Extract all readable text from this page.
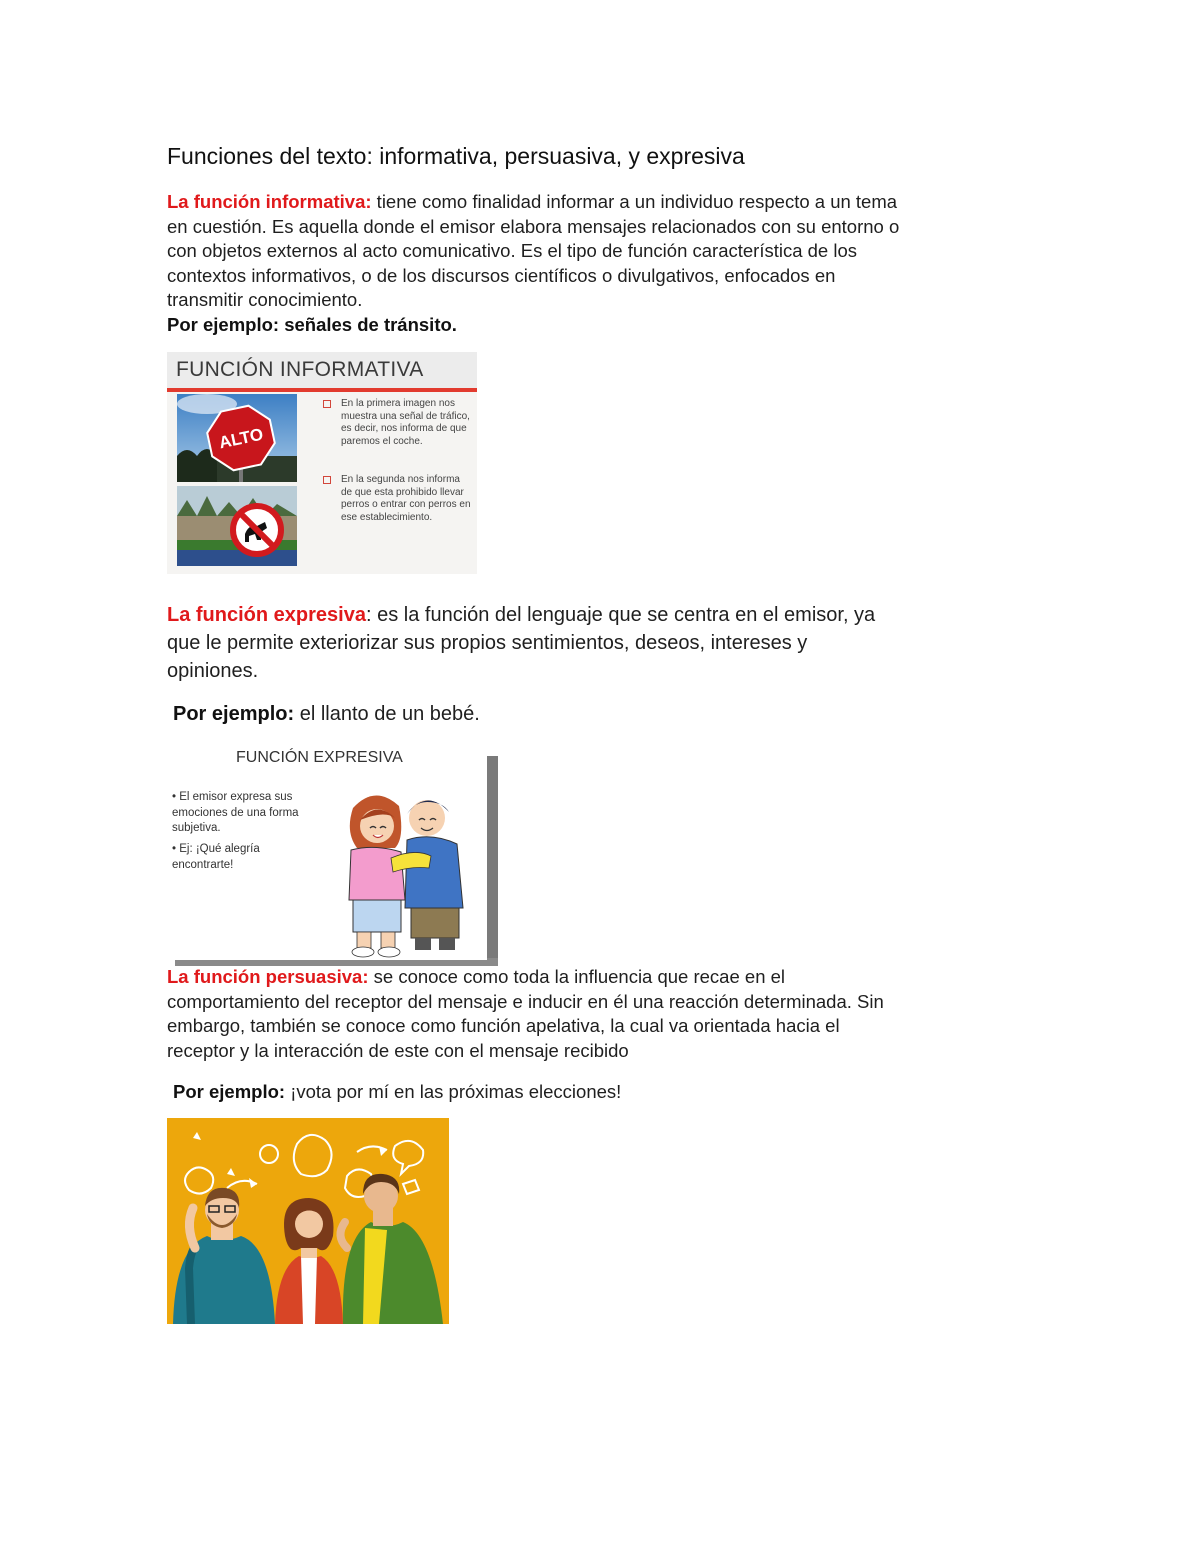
Funciones del texto: informativa, persuasiva, y expresiva
La función informativa: tiene como finalidad informar a un individuo respecto a un tema
en cuestión. Es aquella donde el emisor elabora mensajes relacionados con su entorno o
con objetos externos al acto comunicativo. Es el tipo de función característica de los
contextos informativos, o de los discursos científicos o divulgativos, enfocados en
transmitir conocimiento.
Por ejemplo: señales de tránsito.
FUNCIÓN INFORMATIVA
ALTO
En la primera imagen nos muestra una señal de tráfico, es decir, nos informa de que paremos el coche.
En la segunda nos informa de que esta prohibido llevar perros o entrar con perros en ese establecimiento.
La función expresiva: es la función del lenguaje que se centra en el emisor, ya
que le permite exteriorizar sus propios sentimientos, deseos, intereses y
opiniones.
Por ejemplo: el llanto de un bebé.
FUNCIÓN EXPRESIVA
• El emisor expresa sus emociones de una forma subjetiva.
• Ej: ¡Qué alegría encontrarte!
La función persuasiva: se conoce como toda la influencia que recae en el
comportamiento del receptor del mensaje e inducir en él una reacción determinada. Sin
embargo, también se conoce como función apelativa, la cual va orientada hacia el
receptor y la interacción de este con el mensaje recibido
Por ejemplo: ¡vota por mí en las próximas elecciones!
